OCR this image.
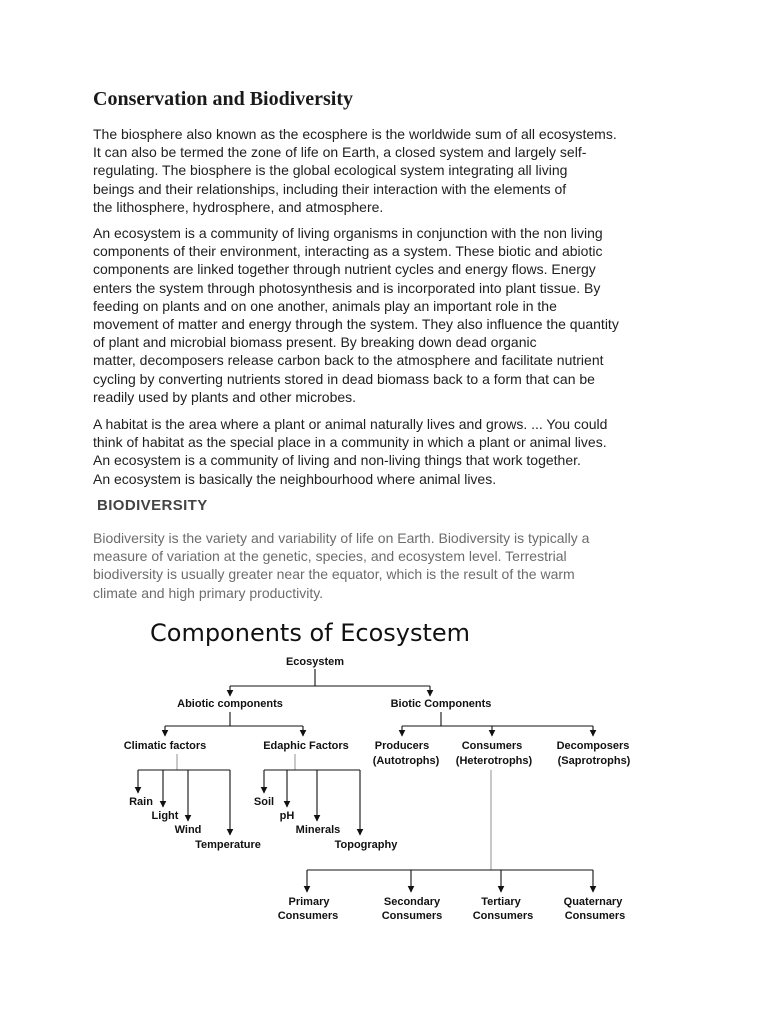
Conservation and Biodiversity
The biosphere also known as the ecosphere is the worldwide sum of all ecosystems.
It can also be termed the zone of life on Earth, a closed system and largely self-
regulating. The biosphere is the global ecological system integrating all living
beings and their relationships, including their interaction with the elements of
the lithosphere, hydrosphere, and atmosphere.
An ecosystem is a community of living organisms in conjunction with the non living
components of their environment, interacting as a system. These biotic and abiotic
components are linked together through nutrient cycles and energy flows. Energy
enters the system through photosynthesis and is incorporated into plant tissue. By
feeding on plants and on one another, animals play an important role in the
movement of matter and energy through the system. They also influence the quantity
of plant and microbial biomass present. By breaking down dead organic
matter, decomposers release carbon back to the atmosphere and facilitate nutrient
cycling by converting nutrients stored in dead biomass back to a form that can be
readily used by plants and other microbes.
A habitat is the area where a plant or animal naturally lives and grows. ... You could
think of habitat as the special place in a community in which a plant or animal lives.
An ecosystem is a community of living and non-living things that work together.
An ecosystem is basically the neighbourhood where animal lives.
BIODIVERSITY
Biodiversity is the variety and variability of life on Earth. Biodiversity is typically a
measure of variation at the genetic, species, and ecosystem level. Terrestrial
biodiversity is usually greater near the equator, which is the result of the warm
climate and high primary productivity.
Components of Ecosystem
Ecosystem
Abiotic components	Biotic Components
Climatic factors	Edaphic Factors Producers
(Autotrophs)
Consumers
(Heterotrophs)
Decomposers
(Saprotrophs)
Rain
Light
Wind
Temperature
Soil
pH
Minerals
Topography
Primary
Consumers
Secondary
Consumers
Tertiary
Consumers
Quaternary
Consumers
